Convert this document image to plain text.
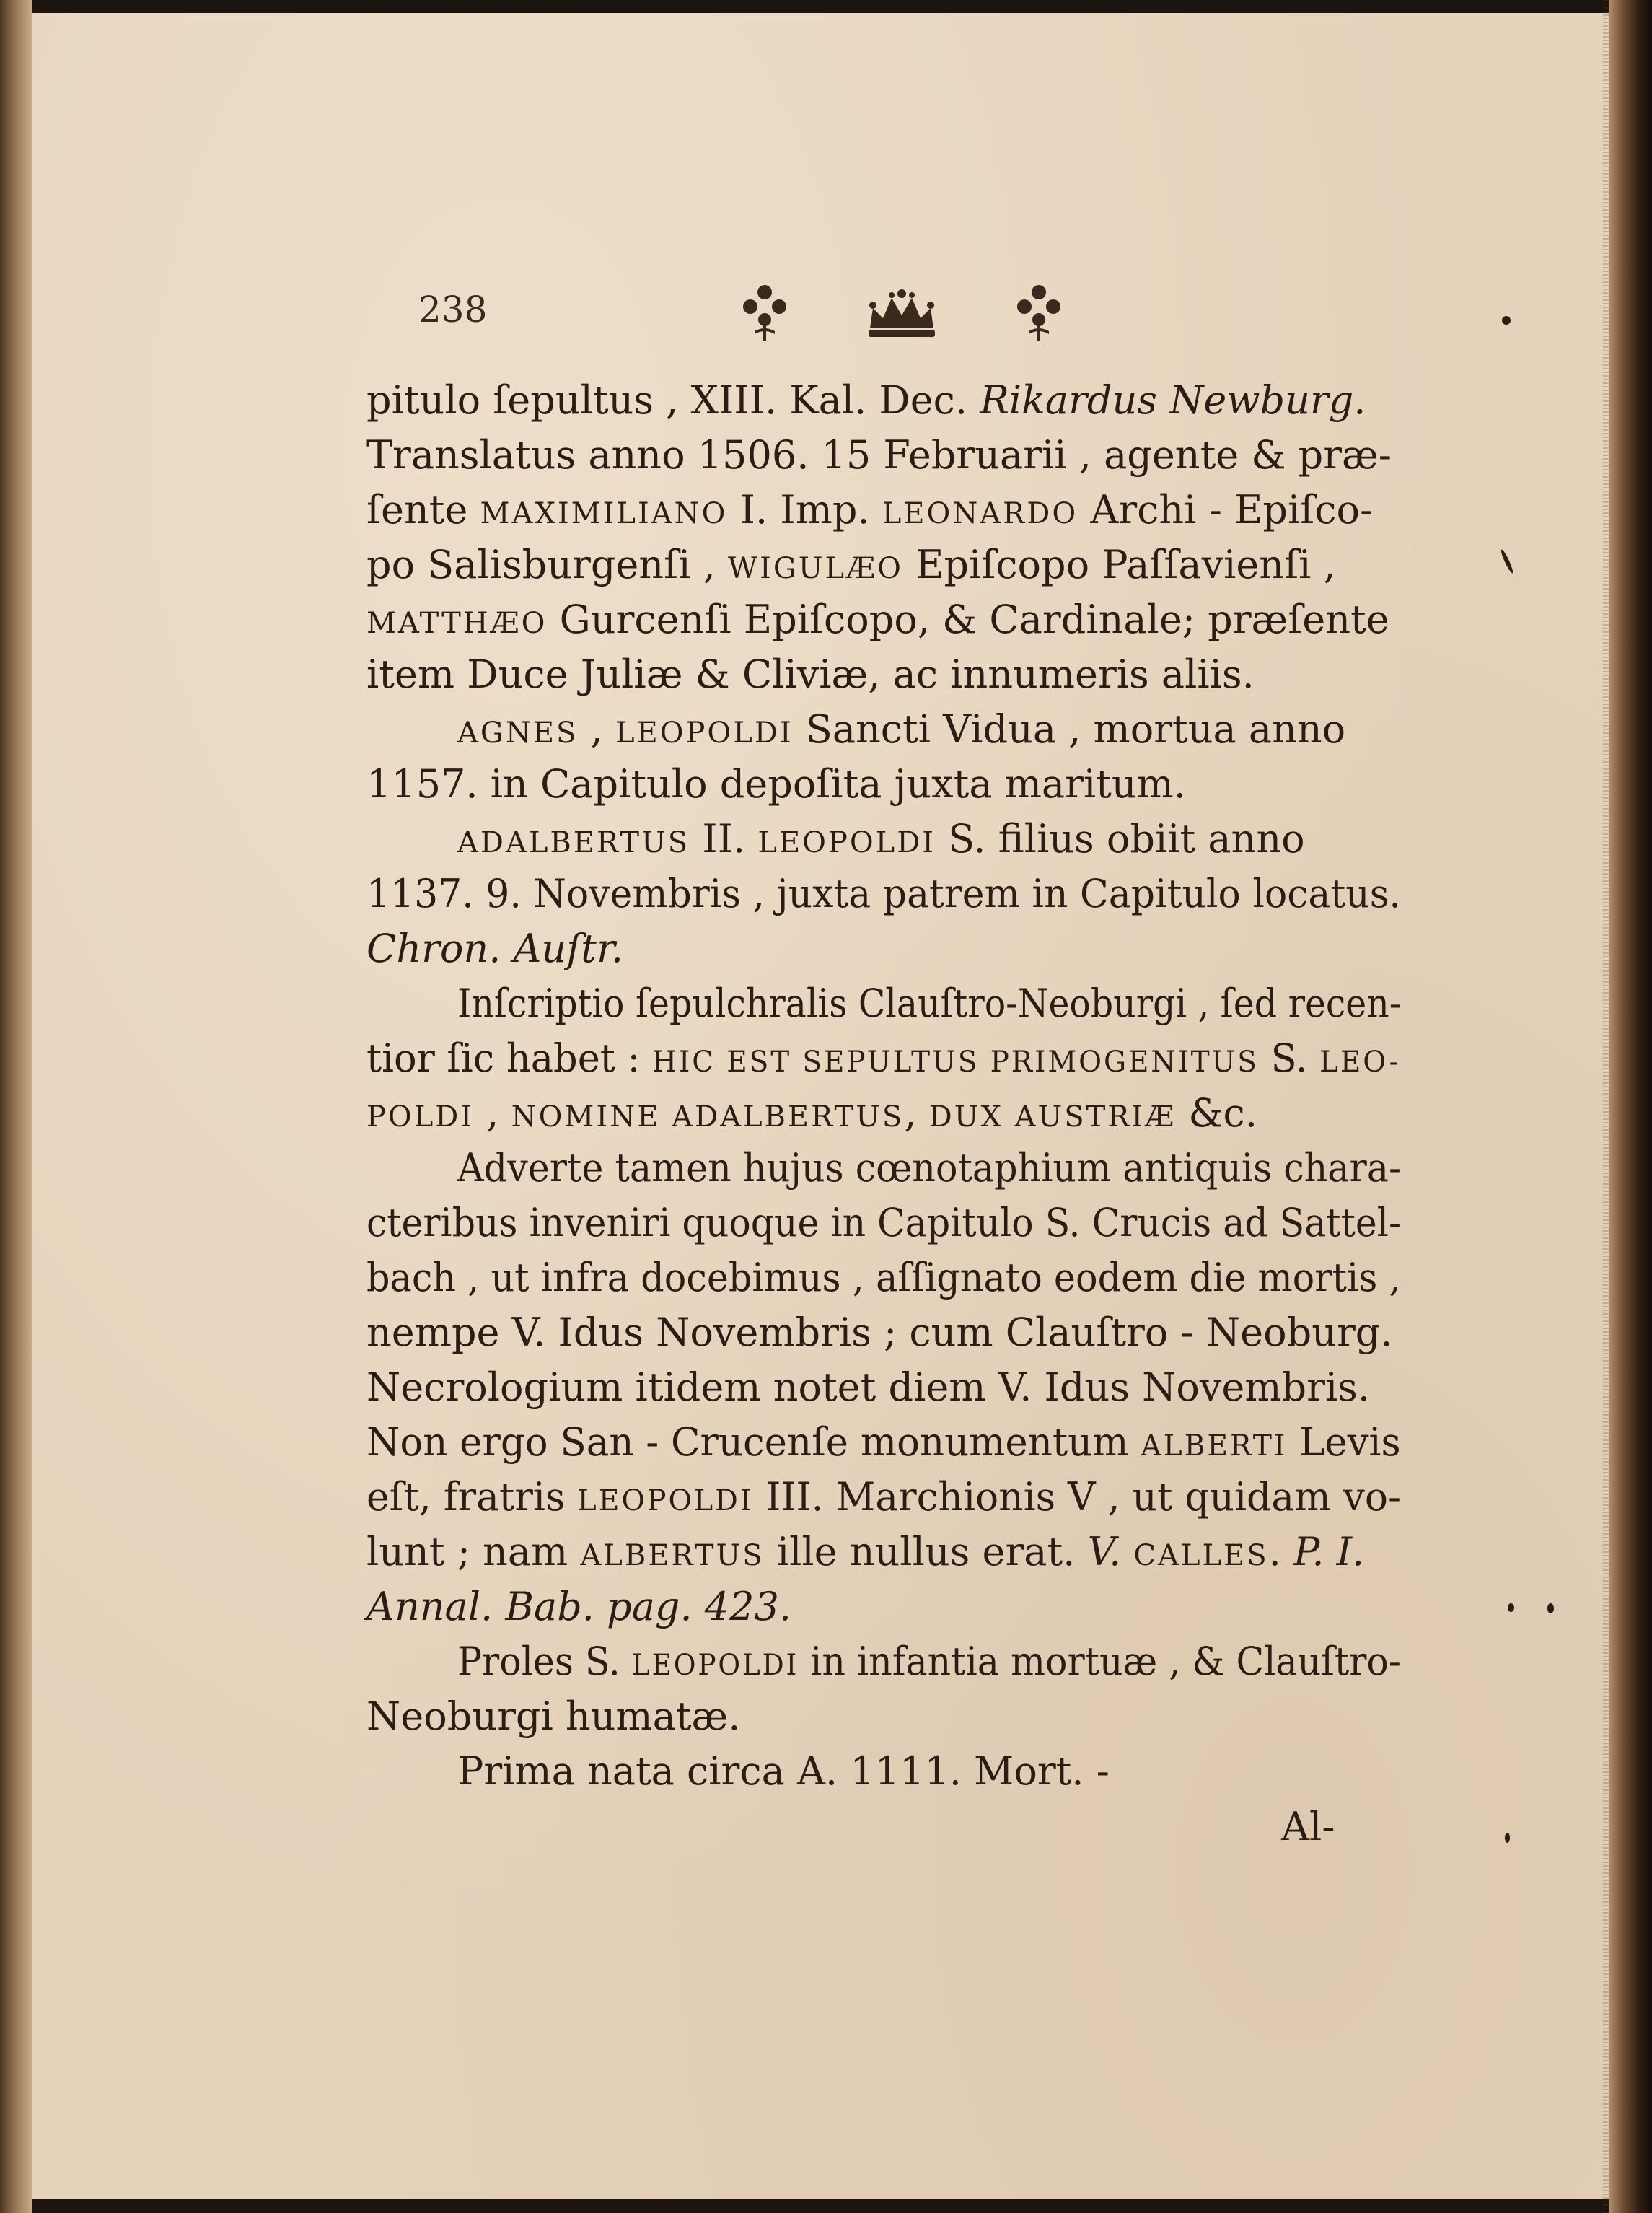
238
pitulo ſepultus , XIII. Kal. Dec. Rikardus Newburg.
Translatus anno 1506. 15 Februarii , agente & præ-
ſente MAXIMILIANO I. Imp. LEONARDO Archi - Epiſco-
po Salisburgenſi , WIGULÆO Epiſcopo Paſſavienſi ,
MATTHÆO Gurcenſi Epiſcopo, & Cardinale; præſente
item Duce Juliæ & Cliviæ, ac innumeris aliis.
AGNES , LEOPOLDI Sancti Vidua , mortua anno
1157. in Capitulo depoſita juxta maritum.
ADALBERTUS II. LEOPOLDI S. filius obiit anno
1137. 9. Novembris , juxta patrem in Capitulo locatus.
Chron. Auſtr.
Inſcriptio ſepulchralis Clauſtro-Neoburgi , ſed recen-
tior ſic habet : HIC EST SEPULTUS PRIMOGENITUS S. LEO-
POLDI , NOMINE ADALBERTUS, DUX AUSTRIÆ &c.
Adverte tamen hujus cœnotaphium antiquis chara-
cteribus inveniri quoque in Capitulo S. Crucis ad Sattel-
bach , ut infra docebimus , aſſignato eodem die mortis ,
nempe V. Idus Novembris ; cum Clauſtro - Neoburg.
Necrologium itidem notet diem V. Idus Novembris.
Non ergo San - Crucenſe monumentum ALBERTI Levis
eſt, fratris LEOPOLDI III. Marchionis V , ut quidam vo-
lunt ; nam ALBERTUS ille nullus erat. V. CALLES. P. I.
Annal. Bab. pag. 423.
Proles S. LEOPOLDI in infantia mortuæ , & Clauſtro-
Neoburgi humatæ.
Prima nata circa A. 1111. Mort. -
Al-
